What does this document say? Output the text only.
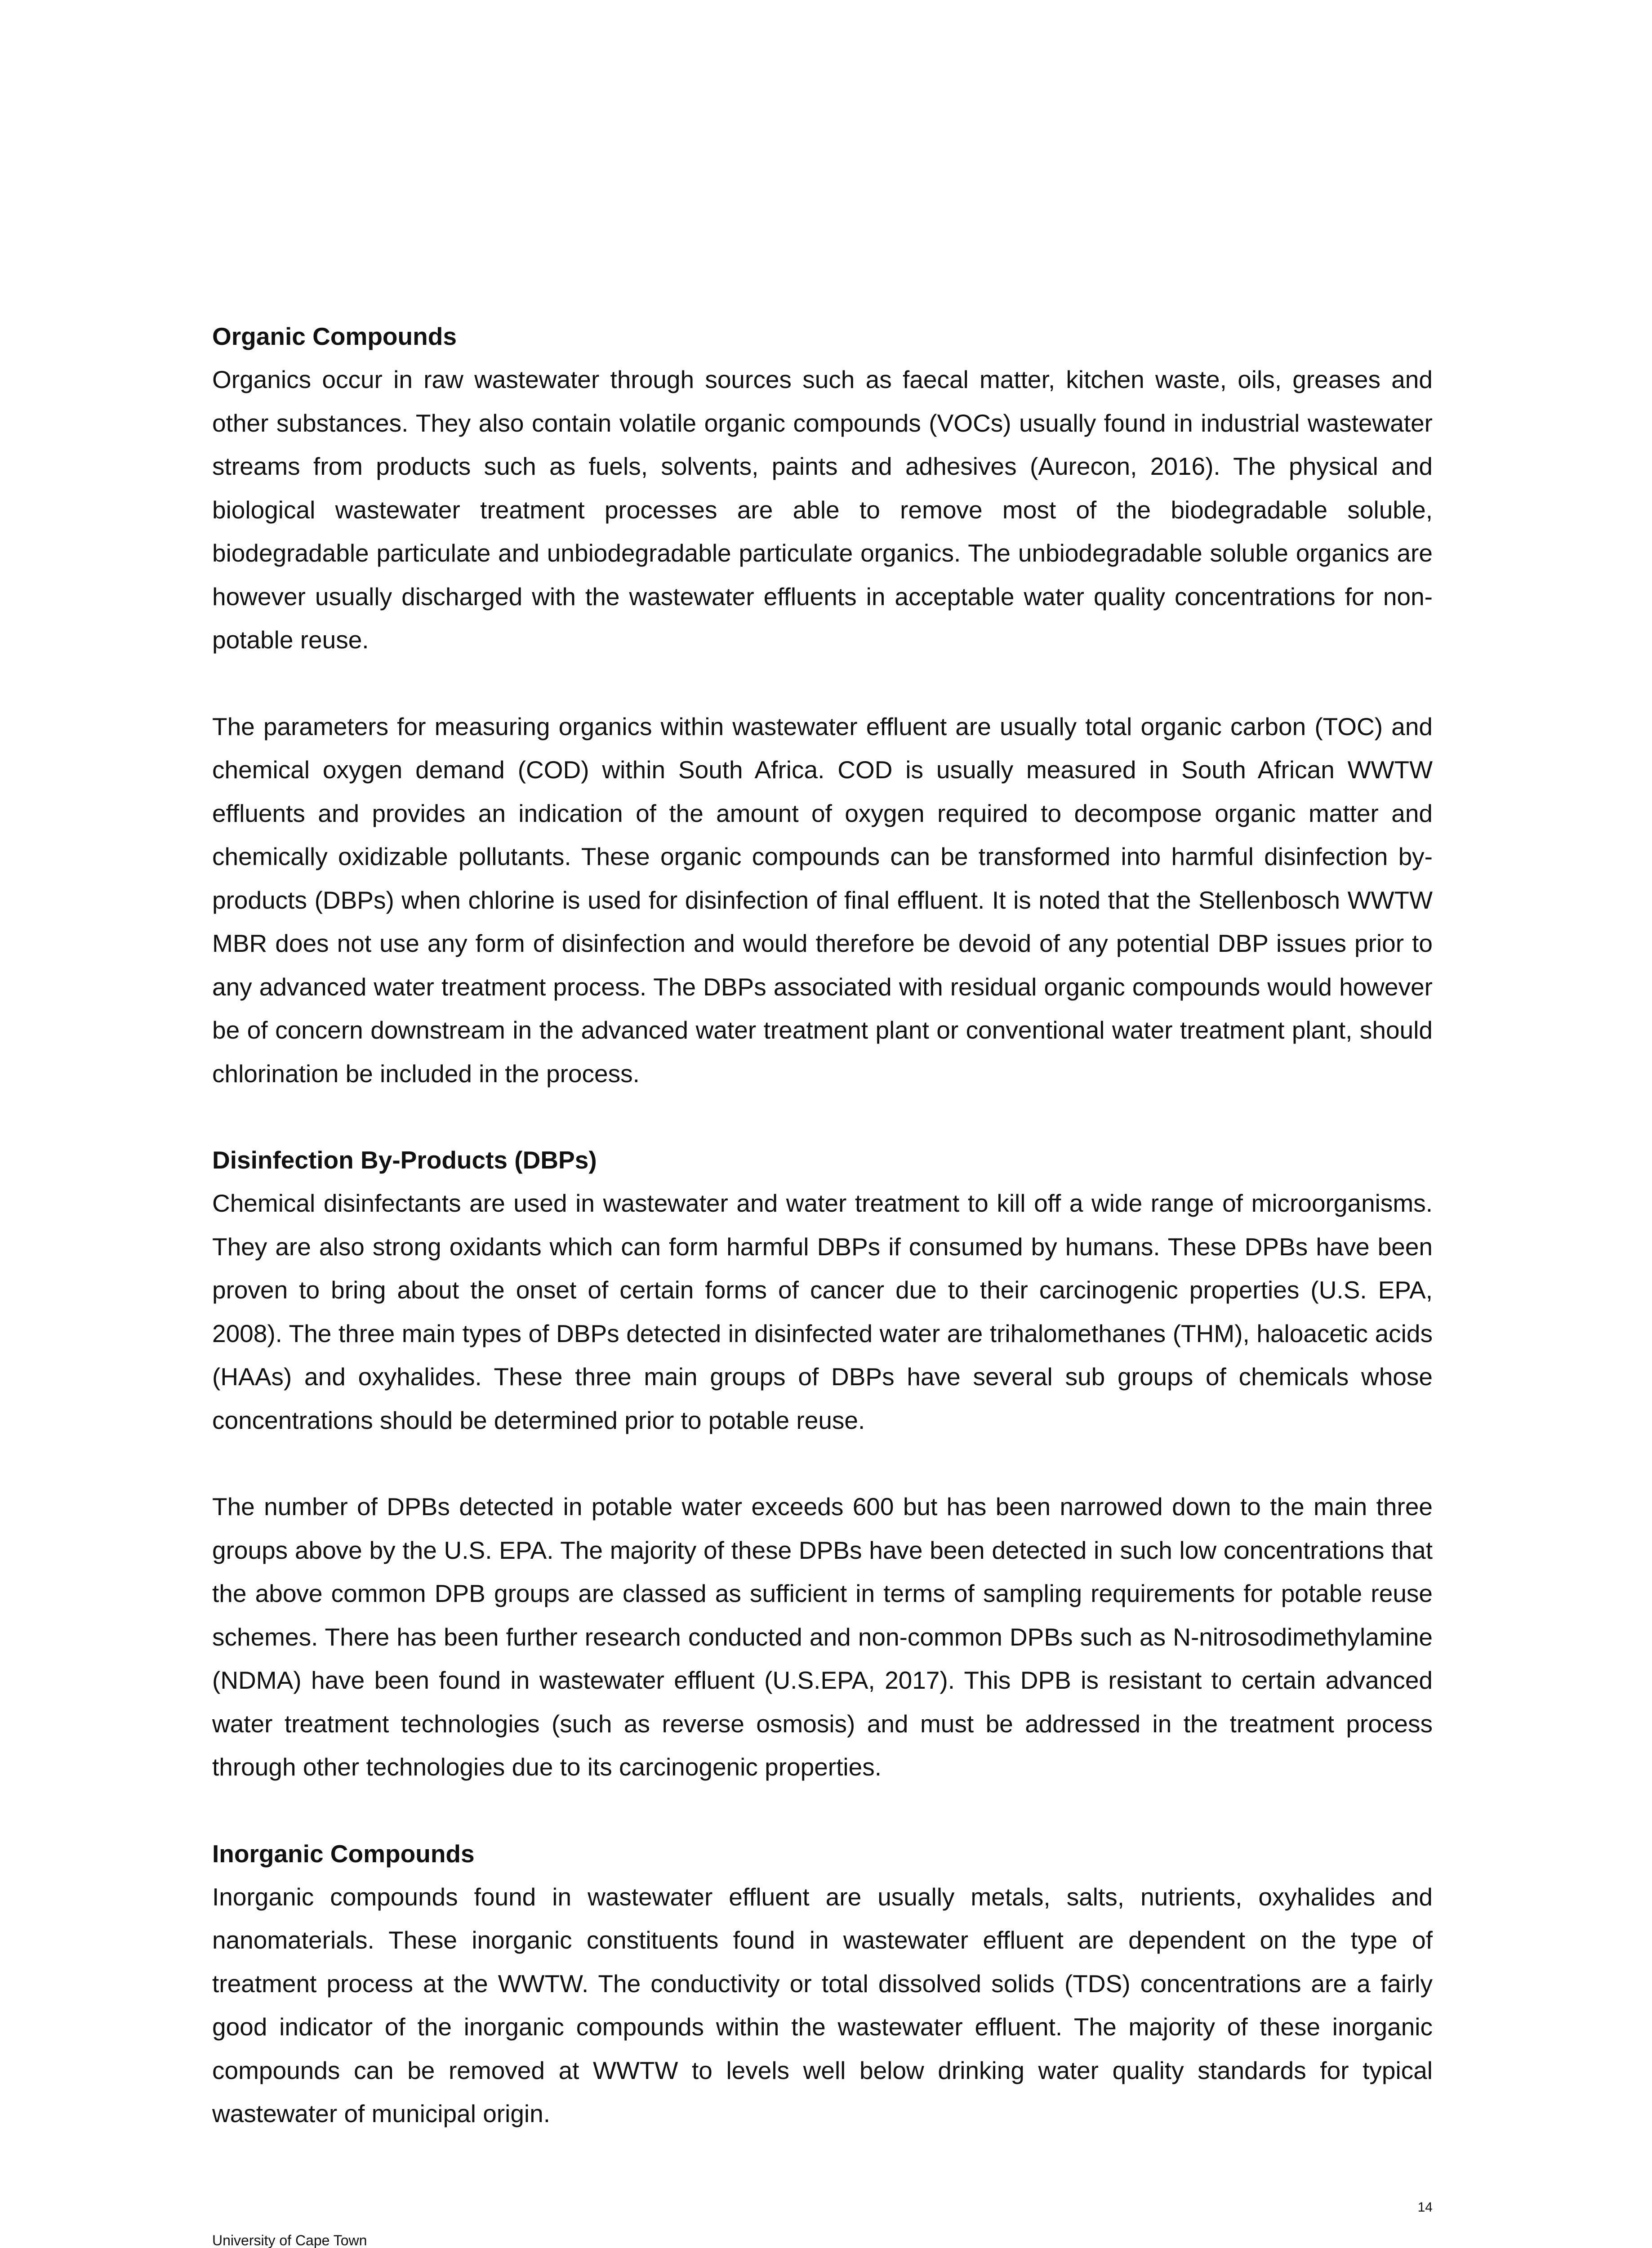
Organic Compounds

Organics occur in raw wastewater through sources such as faecal matter, kitchen waste, oils, greases and other substances. They also contain volatile organic compounds (VOCs) usually found in industrial wastewater streams from products such as fuels, solvents, paints and adhesives (Aurecon, 2016). The physical and biological wastewater treatment processes are able to remove most of the biodegradable soluble, biodegradable particulate and unbiodegradable particulate organics. The unbiodegradable soluble organics are however usually discharged with the wastewater effluents in acceptable water quality concentrations for non-potable reuse.

The parameters for measuring organics within wastewater effluent are usually total organic carbon (TOC) and chemical oxygen demand (COD) within South Africa. COD is usually measured in South African WWTW effluents and provides an indication of the amount of oxygen required to decompose organic matter and chemically oxidizable pollutants. These organic compounds can be transformed into harmful disinfection by-products (DBPs) when chlorine is used for disinfection of final effluent. It is noted that the Stellenbosch WWTW MBR does not use any form of disinfection and would therefore be devoid of any potential DBP issues prior to any advanced water treatment process. The DBPs associated with residual organic compounds would however be of concern downstream in the advanced water treatment plant or conventional water treatment plant, should chlorination be included in the process.

Disinfection By-Products (DBPs)

Chemical disinfectants are used in wastewater and water treatment to kill off a wide range of microorganisms. They are also strong oxidants which can form harmful DBPs if consumed by humans. These DPBs have been proven to bring about the onset of certain forms of cancer due to their carcinogenic properties (U.S. EPA, 2008). The three main types of DBPs detected in disinfected water are trihalomethanes (THM), haloacetic acids (HAAs) and oxyhalides. These three main groups of DBPs have several sub groups of chemicals whose concentrations should be determined prior to potable reuse.

The number of DPBs detected in potable water exceeds 600 but has been narrowed down to the main three groups above by the U.S. EPA. The majority of these DPBs have been detected in such low concentrations that the above common DPB groups are classed as sufficient in terms of sampling requirements for potable reuse schemes. There has been further research conducted and non-common DPBs such as N-nitrosodimethylamine (NDMA) have been found in wastewater effluent (U.S.EPA, 2017). This DPB is resistant to certain advanced water treatment technologies (such as reverse osmosis) and must be addressed in the treatment process through other technologies due to its carcinogenic properties.

Inorganic Compounds

Inorganic compounds found in wastewater effluent are usually metals, salts, nutrients, oxyhalides and nanomaterials. These inorganic constituents found in wastewater effluent are dependent on the type of treatment process at the WWTW. The conductivity or total dissolved solids (TDS) concentrations are a fairly good indicator of the inorganic compounds within the wastewater effluent. The majority of these inorganic compounds can be removed at WWTW to levels well below drinking water quality standards for typical wastewater of municipal origin.

14
University of Cape Town
